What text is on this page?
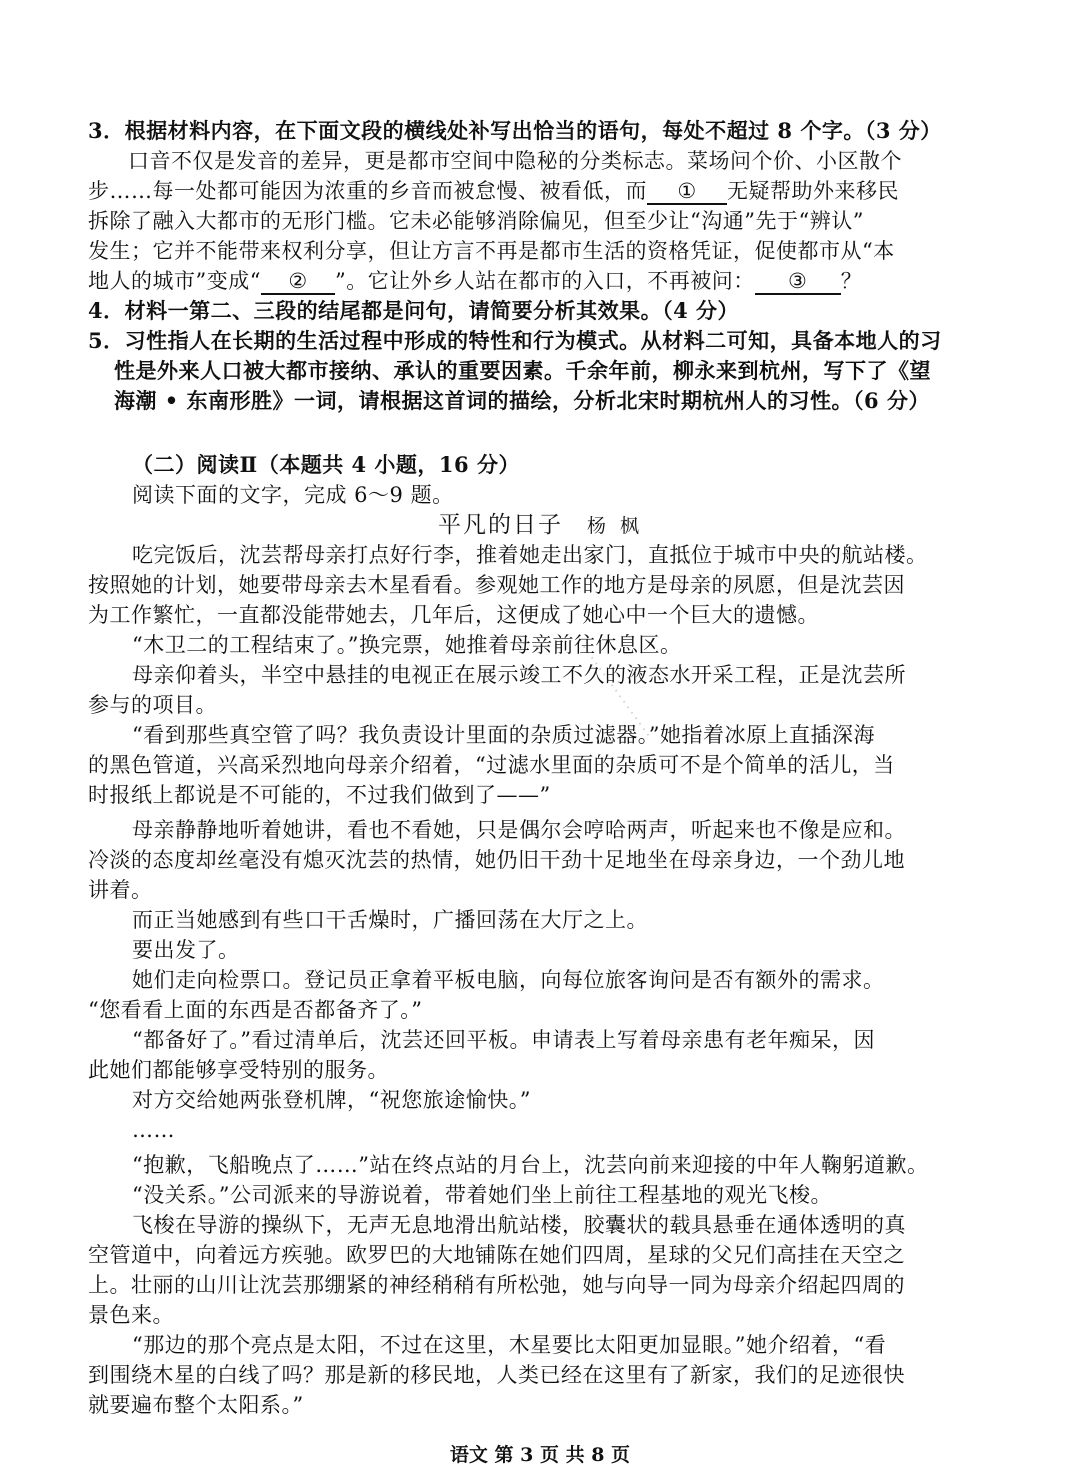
3．根据材料内容，在下面文段的横线处补写出恰当的语句，每处不超过 8 个字。（3 分）
口音不仅是发音的差异，更是都市空间中隐秘的分类标志。菜场问个价、小区散个
步……每一处都可能因为浓重的乡音而被怠慢、被看低，而 ① 无疑帮助外来移民
拆除了融入大都市的无形门槛。它未必能够消除偏见，但至少让“沟通”先于“辨认”
发生；它并不能带来权利分享，但让方言不再是都市生活的资格凭证，促使都市从“本
地人的城市”变成“ ② ”。它让外乡人站在都市的入口，不再被问： ③ ？
4．材料一第二、三段的结尾都是问句，请简要分析其效果。（4 分）
5．习性指人在长期的生活过程中形成的特性和行为模式。从材料二可知，具备本地人的习
性是外来人口被大都市接纳、承认的重要因素。千余年前，柳永来到杭州，写下了《望
海潮 • 东南形胜》一词，请根据这首词的描绘，分析北宋时期杭州人的习性。（6 分）
（二）阅读Ⅱ（本题共 4 小题，16 分）
阅读下面的文字，完成 6～9 题。
平凡的日子 杨 枫
吃完饭后，沈芸帮母亲打点好行李，推着她走出家门，直抵位于城市中央的航站楼。
按照她的计划，她要带母亲去木星看看。参观她工作的地方是母亲的夙愿，但是沈芸因
为工作繁忙，一直都没能带她去，几年后，这便成了她心中一个巨大的遗憾。
“木卫二的工程结束了。”换完票，她推着母亲前往休息区。
母亲仰着头，半空中悬挂的电视正在展示竣工不久的液态水开采工程，正是沈芸所
参与的项目。
“看到那些真空管了吗？我负责设计里面的杂质过滤器。”她指着冰原上直插深海
的黑色管道，兴高采烈地向母亲介绍着，“过滤水里面的杂质可不是个简单的活儿，当
时报纸上都说是不可能的，不过我们做到了——”
母亲静静地听着她讲，看也不看她，只是偶尔会哼哈两声，听起来也不像是应和。
冷淡的态度却丝毫没有熄灭沈芸的热情，她仍旧干劲十足地坐在母亲身边，一个劲儿地
讲着。
而正当她感到有些口干舌燥时，广播回荡在大厅之上。
要出发了。
她们走向检票口。登记员正拿着平板电脑，向每位旅客询问是否有额外的需求。
“您看看上面的东西是否都备齐了。”
“都备好了。”看过清单后，沈芸还回平板。申请表上写着母亲患有老年痴呆，因
此她们都能够享受特别的服务。
对方交给她两张登机牌，“祝您旅途愉快。”
……
“抱歉，飞船晚点了……”站在终点站的月台上，沈芸向前来迎接的中年人鞠躬道歉。
“没关系。”公司派来的导游说着，带着她们坐上前往工程基地的观光飞梭。
飞梭在导游的操纵下，无声无息地滑出航站楼，胶囊状的载具悬垂在通体透明的真
空管道中，向着远方疾驰。欧罗巴的大地铺陈在她们四周，星球的父兄们高挂在天空之
上。壮丽的山川让沈芸那绷紧的神经稍稍有所松弛，她与向导一同为母亲介绍起四周的
景色来。
“那边的那个亮点是太阳，不过在这里，木星要比太阳更加显眼。”她介绍着，“看
到围绕木星的白线了吗？那是新的移民地，人类已经在这里有了新家，我们的足迹很快
就要遍布整个太阳系。”
·················
语文 第 3 页 共 8 页
